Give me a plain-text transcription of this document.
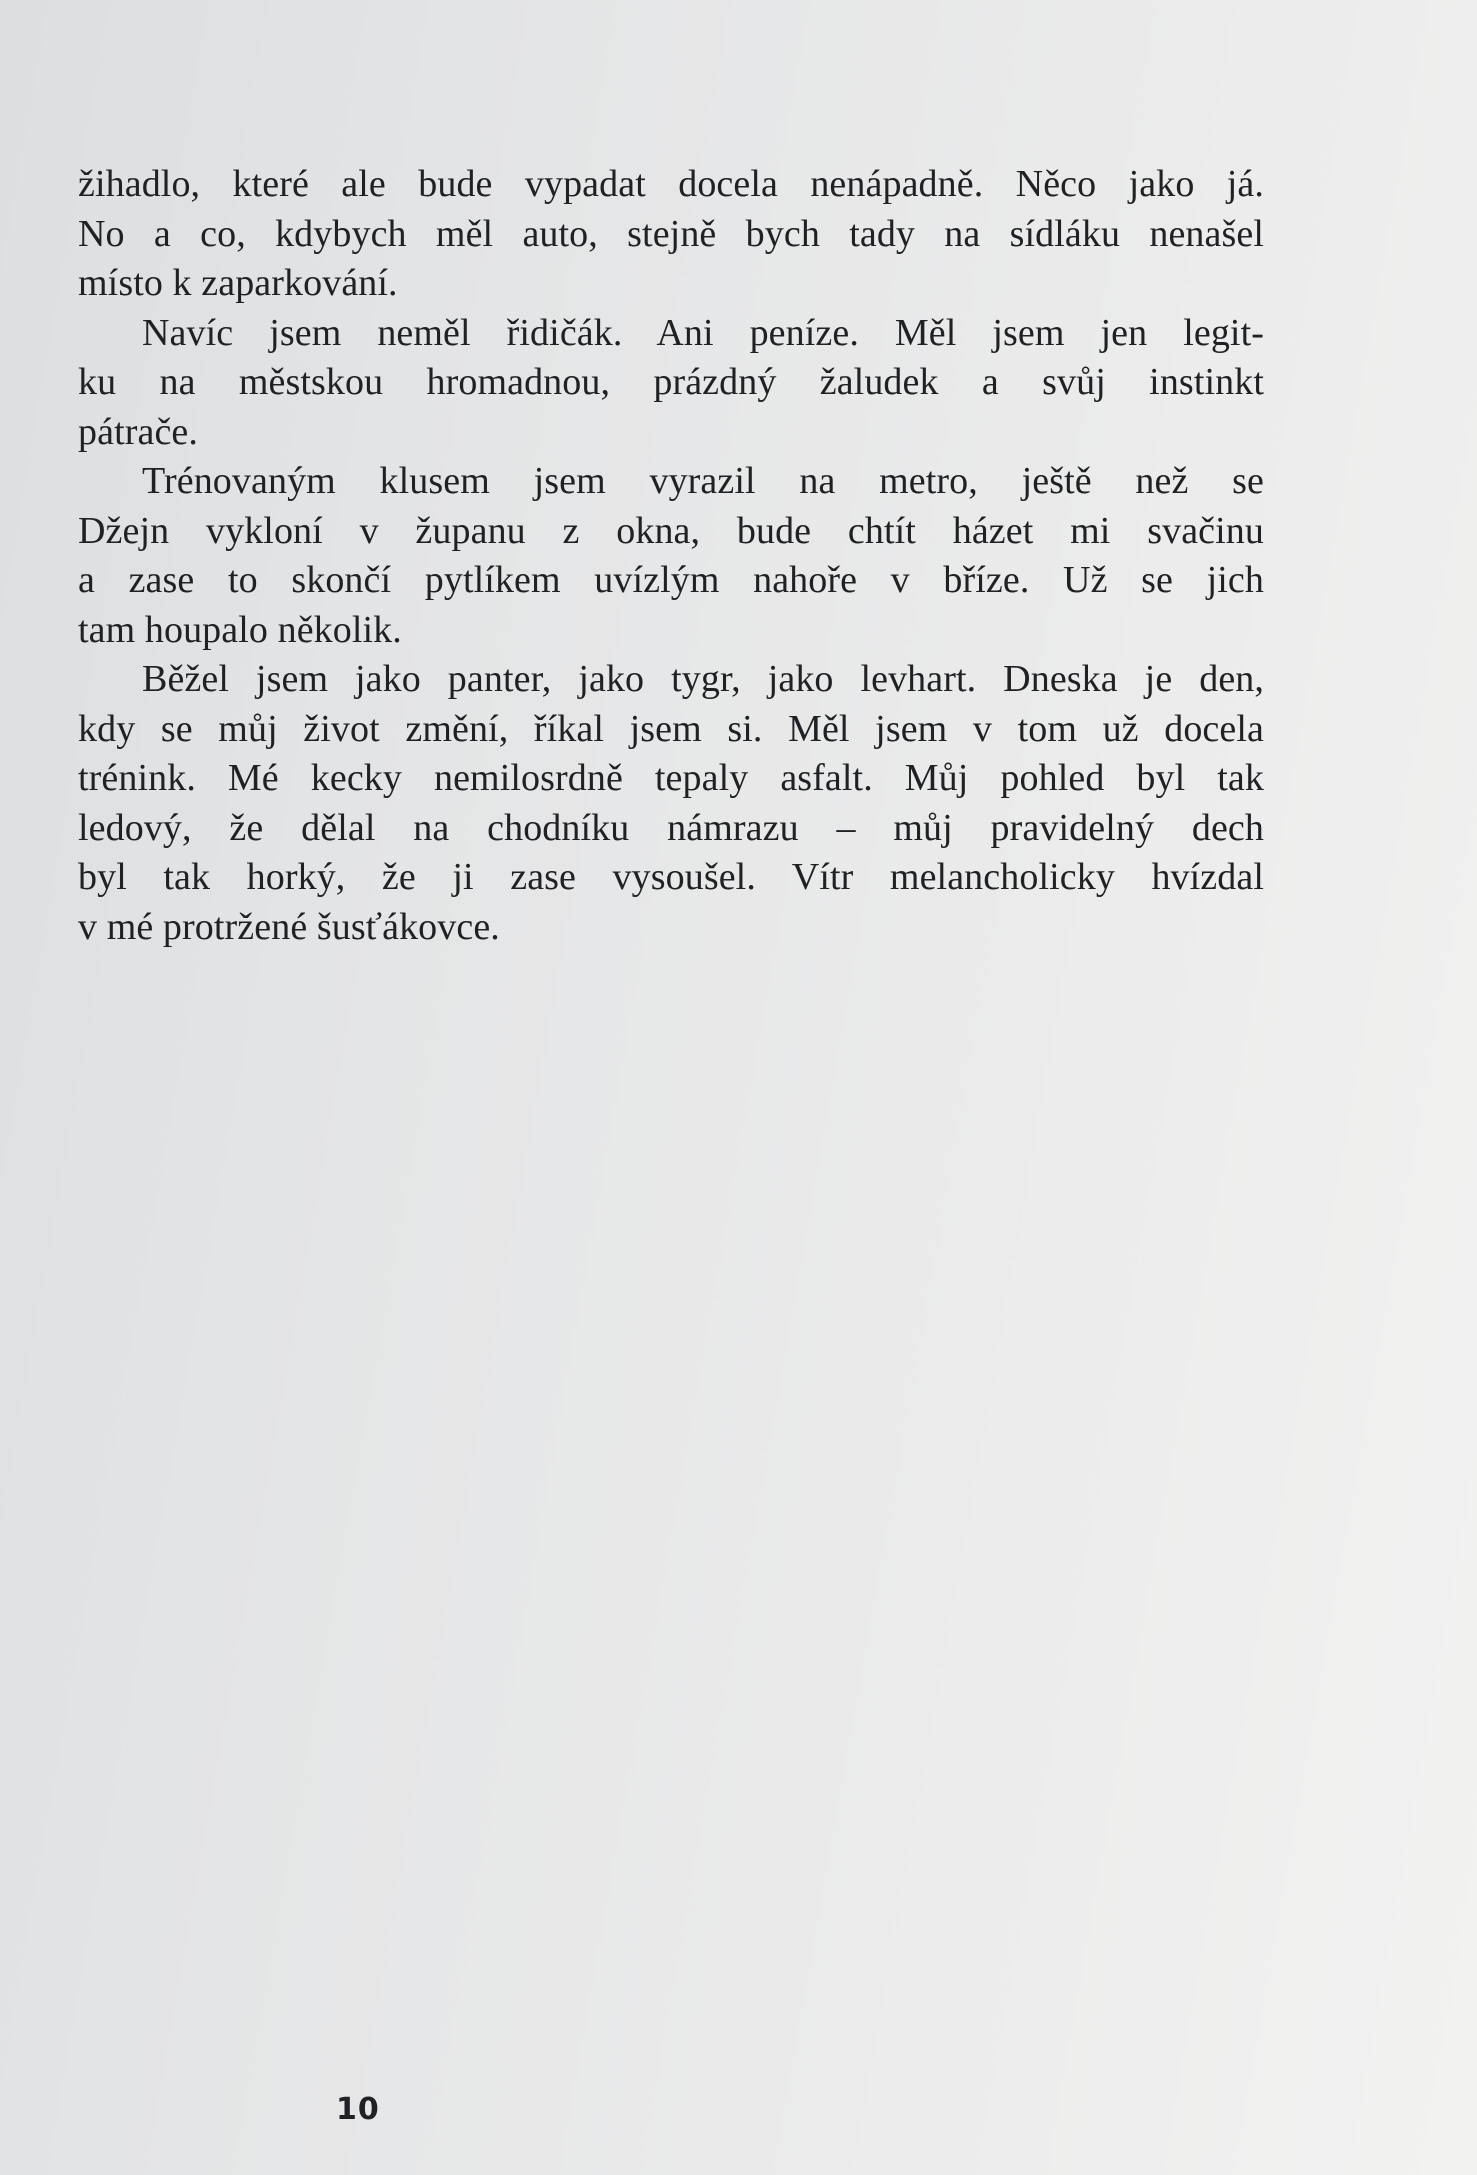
žihadlo, které ale bude vypadat docela nenápadně. Něco jako já.
No a co, kdybych měl auto, stejně bych tady na sídláku nenašel
místo k zaparkování.

Navíc jsem neměl řidičák. Ani peníze. Měl jsem jen legit-
ku na městskou hromadnou, prázdný žaludek a svůj instinkt
pátrače.

Trénovaným klusem jsem vyrazil na metro, ještě než se
Džejn vykloní v županu z okna, bude chtít házet mi svačinu
a zase to skončí pytlíkem uvízlým nahoře v bříze. Už se jich
tam houpalo několik.

Běžel jsem jako panter, jako tygr, jako levhart. Dneska je den,
kdy se můj život změní, říkal jsem si. Měl jsem v tom už docela
trénink. Mé kecky nemilosrdně tepaly asfalt. Můj pohled byl tak
ledový, že dělal na chodníku námrazu – můj pravidelný dech
byl tak horký, že ji zase vysoušel. Vítr melancholicky hvízdal
v mé protržené šusťákovce.

10
